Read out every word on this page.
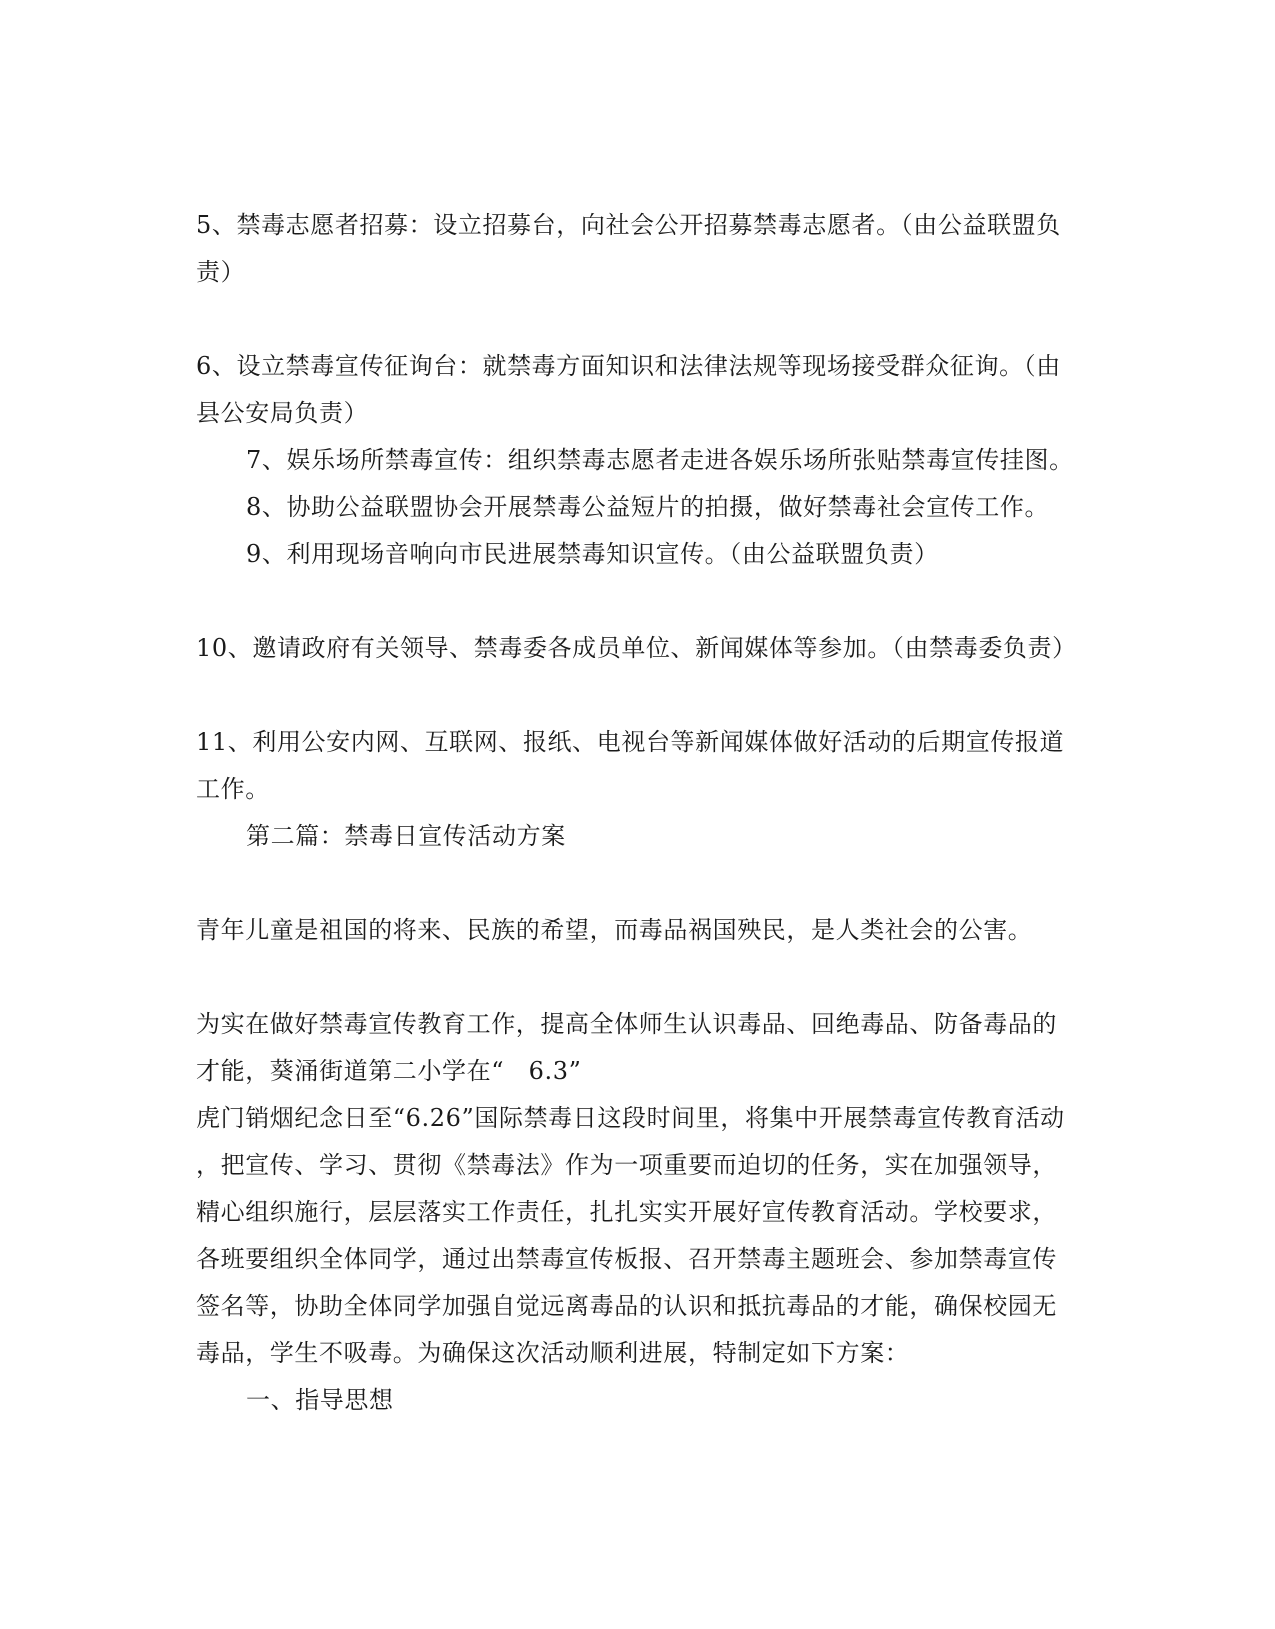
5、禁毒志愿者招募：设立招募台，向社会公开招募禁毒志愿者。（由公益联盟负
责）
6、设立禁毒宣传征询台：就禁毒方面知识和法律法规等现场接受群众征询。（由
县公安局负责）
7、娱乐场所禁毒宣传：组织禁毒志愿者走进各娱乐场所张贴禁毒宣传挂图。
8、协助公益联盟协会开展禁毒公益短片的拍摄，做好禁毒社会宣传工作。
9、利用现场音响向市民进展禁毒知识宣传。（由公益联盟负责）
10、邀请政府有关领导、禁毒委各成员单位、新闻媒体等参加。（由禁毒委负责）
11、利用公安内网、互联网、报纸、电视台等新闻媒体做好活动的后期宣传报道
工作。
第二篇：禁毒日宣传活动方案
青年儿童是祖国的将来、民族的希望，而毒品祸国殃民，是人类社会的公害。
为实在做好禁毒宣传教育工作，提高全体师生认识毒品、回绝毒品、防备毒品的
才能，葵涌街道第二小学在“　6.3”
虎门销烟纪念日至“6.26”国际禁毒日这段时间里，将集中开展禁毒宣传教育活动
，把宣传、学习、贯彻《禁毒法》作为一项重要而迫切的任务，实在加强领导，
精心组织施行，层层落实工作责任，扎扎实实开展好宣传教育活动。学校要求，
各班要组织全体同学，通过出禁毒宣传板报、召开禁毒主题班会、参加禁毒宣传
签名等，协助全体同学加强自觉远离毒品的认识和抵抗毒品的才能，确保校园无
毒品，学生不吸毒。为确保这次活动顺利进展，特制定如下方案：
一、指导思想
